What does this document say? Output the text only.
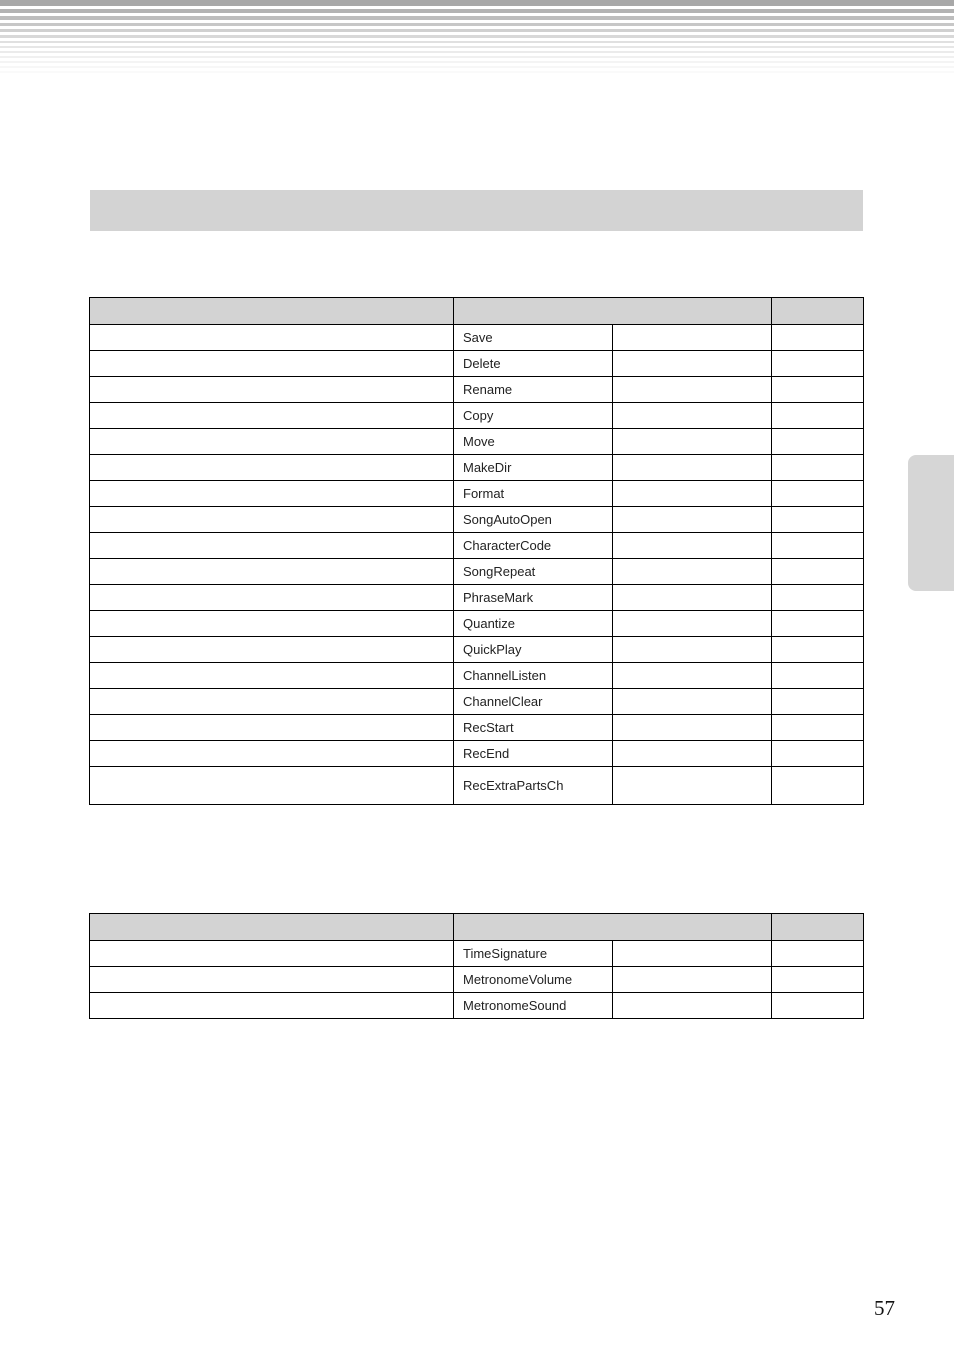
	Save		
	Delete		
	Rename		
	Copy		
	Move		
	MakeDir		
	Format		
	SongAutoOpen		
	CharacterCode		
	SongRepeat		
	PhraseMark		
	Quantize		
	QuickPlay		
	ChannelListen		
	ChannelClear		
	RecStart		
	RecEnd		
	RecExtraPartsCh		

	TimeSignature		
	MetronomeVolume		
	MetronomeSound		
57
